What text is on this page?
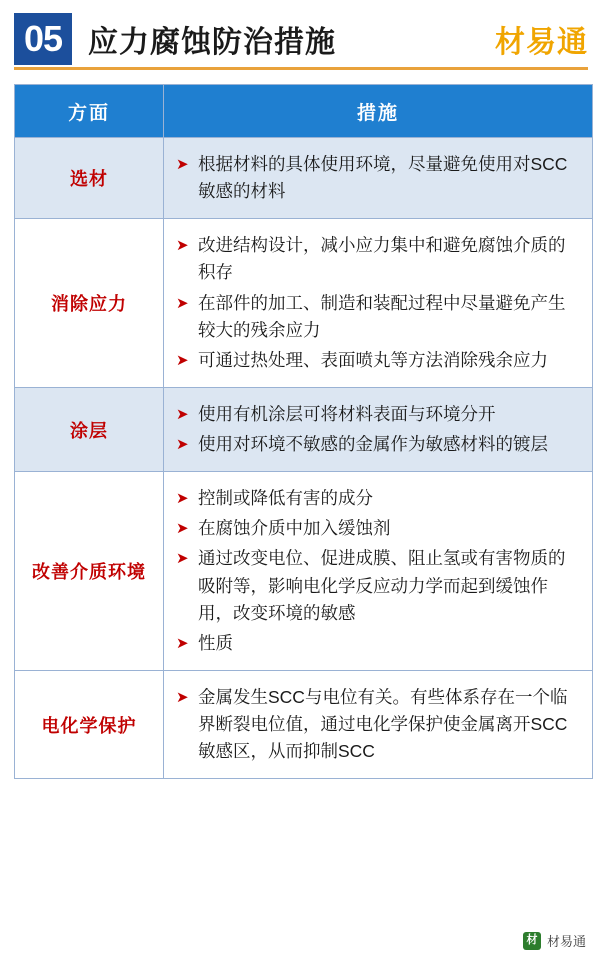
05 应力腐蚀防治措施	材易通
方面	措施
选材	
➤ 根据材料的具体使用环境，尽量避免使用对SCC敏感的材料

消除应力	
➤ 改进结构设计，减小应力集中和避免腐蚀介质的积存
➤ 在部件的加工、制造和装配过程中尽量避免产生较大的残余应力
➤ 可通过热处理、表面喷丸等方法消除残余应力

涂层	
➤ 使用有机涂层可将材料表面与环境分开
➤ 使用对环境不敏感的金属作为敏感材料的镀层

改善介质环境	
➤ 控制或降低有害的成分
➤ 在腐蚀介质中加入缓蚀剂
➤ 通过改变电位、促进成膜、阻止氢或有害物质的吸附等，影响电化学反应动力学而起到缓蚀作用，改变环境的敏感
➤ 性质

电化学保护	
➤ 金属发生SCC与电位有关。有些体系存在一个临界断裂电位值，通过电化学保护使金属离开SCC敏感区，从而抑制SCC
材 材易通
